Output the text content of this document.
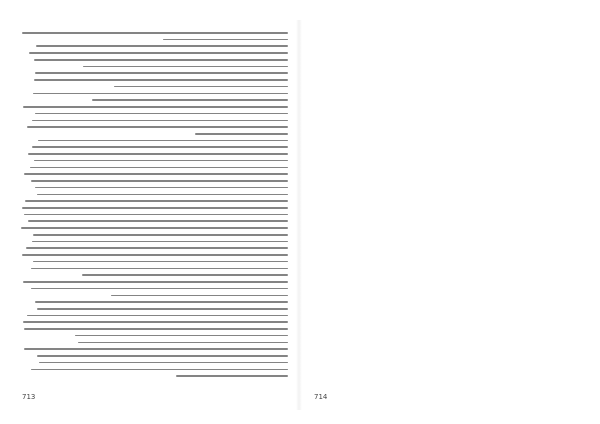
713	714
